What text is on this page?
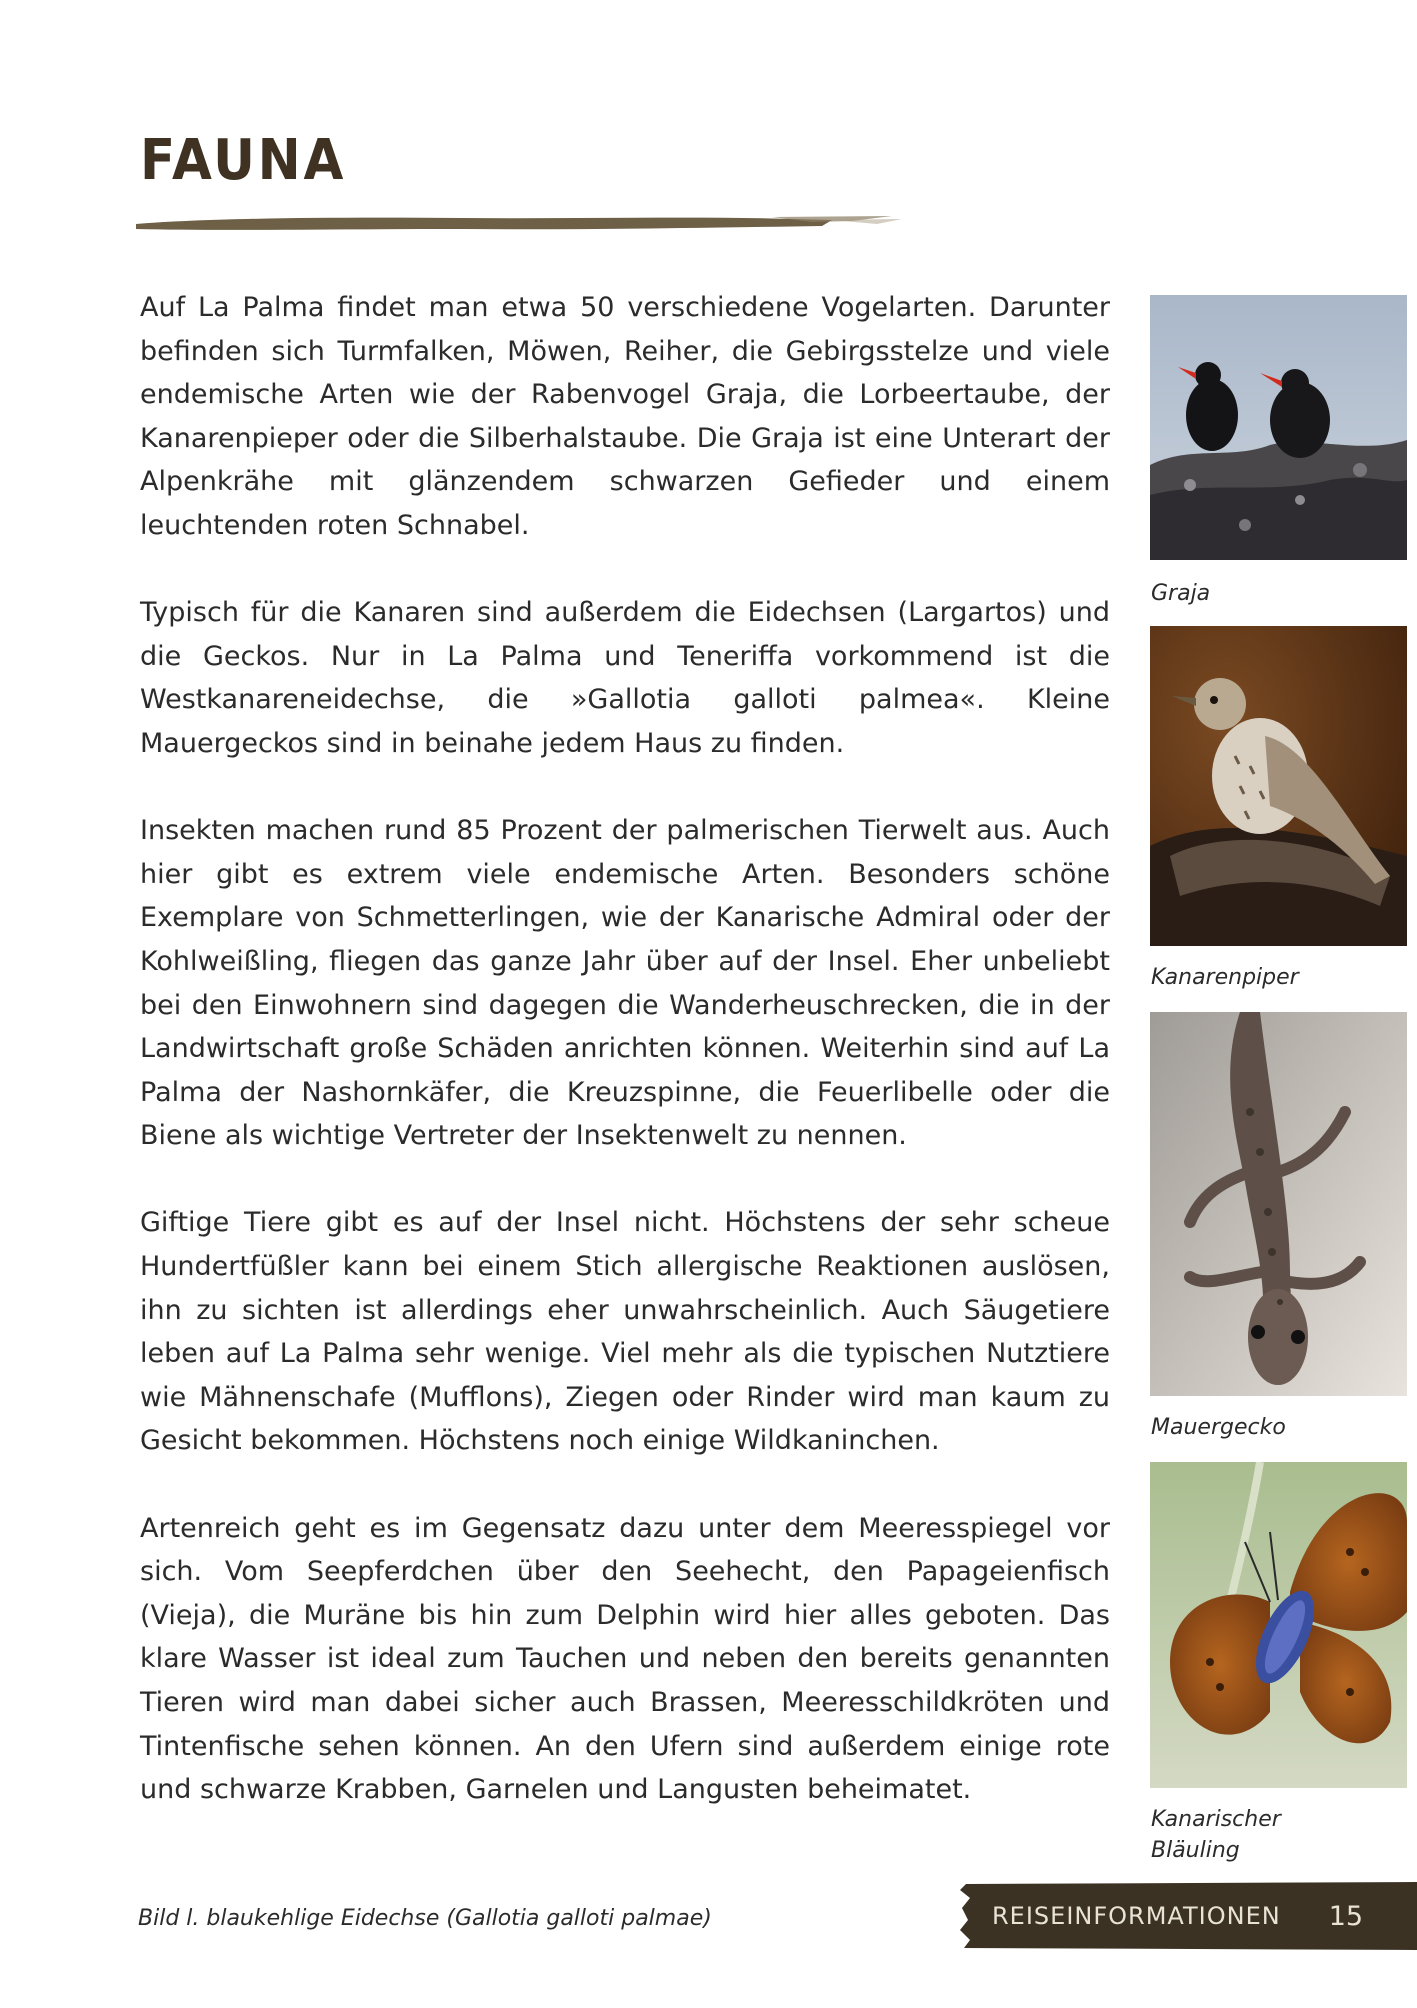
FAUNA

Auf La Palma findet man etwa 50 verschiedene Vogelarten. Darunter befinden sich Turmfalken, Möwen, Reiher, die Gebirgsstelze und viele endemische Arten wie der Rabenvogel Graja, die Lorbeertaube, der Kanarenpieper oder die Silberhalstaube. Die Graja ist eine Unterart der Alpenkrähe mit glänzendem schwarzen Gefieder und einem leuchtenden roten Schnabel.

Typisch für die Kanaren sind außerdem die Eidechsen (Largartos) und die Geckos. Nur in La Palma und Teneriffa vorkommend ist die Westkanareneidechse, die »Gallotia galloti palmea«. Kleine Mauergeckos sind in beinahe jedem Haus zu finden.

Insekten machen rund 85 Prozent der palmerischen Tierwelt aus. Auch hier gibt es extrem viele endemische Arten. Besonders schöne Exemplare von Schmetterlingen, wie der Kanarische Admiral oder der Kohlweißling, fliegen das ganze Jahr über auf der Insel. Eher unbeliebt bei den Einwohnern sind dagegen die Wanderheuschrecken, die in der Landwirtschaft große Schäden anrichten können. Weiterhin sind auf La Palma der Nashornkäfer, die Kreuzspinne, die Feuerlibelle oder die Biene als wichtige Vertreter der Insektenwelt zu nennen.

Giftige Tiere gibt es auf der Insel nicht. Höchstens der sehr scheue Hundertfüßler kann bei einem Stich allergische Reaktionen auslösen, ihn zu sichten ist allerdings eher unwahrscheinlich. Auch Säugetiere leben auf La Palma sehr wenige. Viel mehr als die typischen Nutztiere wie Mähnenschafe (Mufflons), Ziegen oder Rinder wird man kaum zu Gesicht bekommen. Höchstens noch einige Wildkaninchen.

Artenreich geht es im Gegensatz dazu unter dem Meeresspiegel vor sich. Vom Seepferdchen über den Seehecht, den Papageienfisch (Vieja), die Muräne bis hin zum Delphin wird hier alles geboten. Das klare Wasser ist ideal zum Tauchen und neben den bereits genannten Tieren wird man dabei sicher auch Brassen, Meeresschildkröten und Tintenfische sehen können. An den Ufern sind außerdem einige rote und schwarze Krabben, Garnelen und Langusten beheimatet.

Graja
Kanarenpiper
Mauergecko
Kanarischer
Bläuling
Bild l. blaukehlige Eidechse (Gallotia galloti palmae)	REISEINFORMATIONEN 15
